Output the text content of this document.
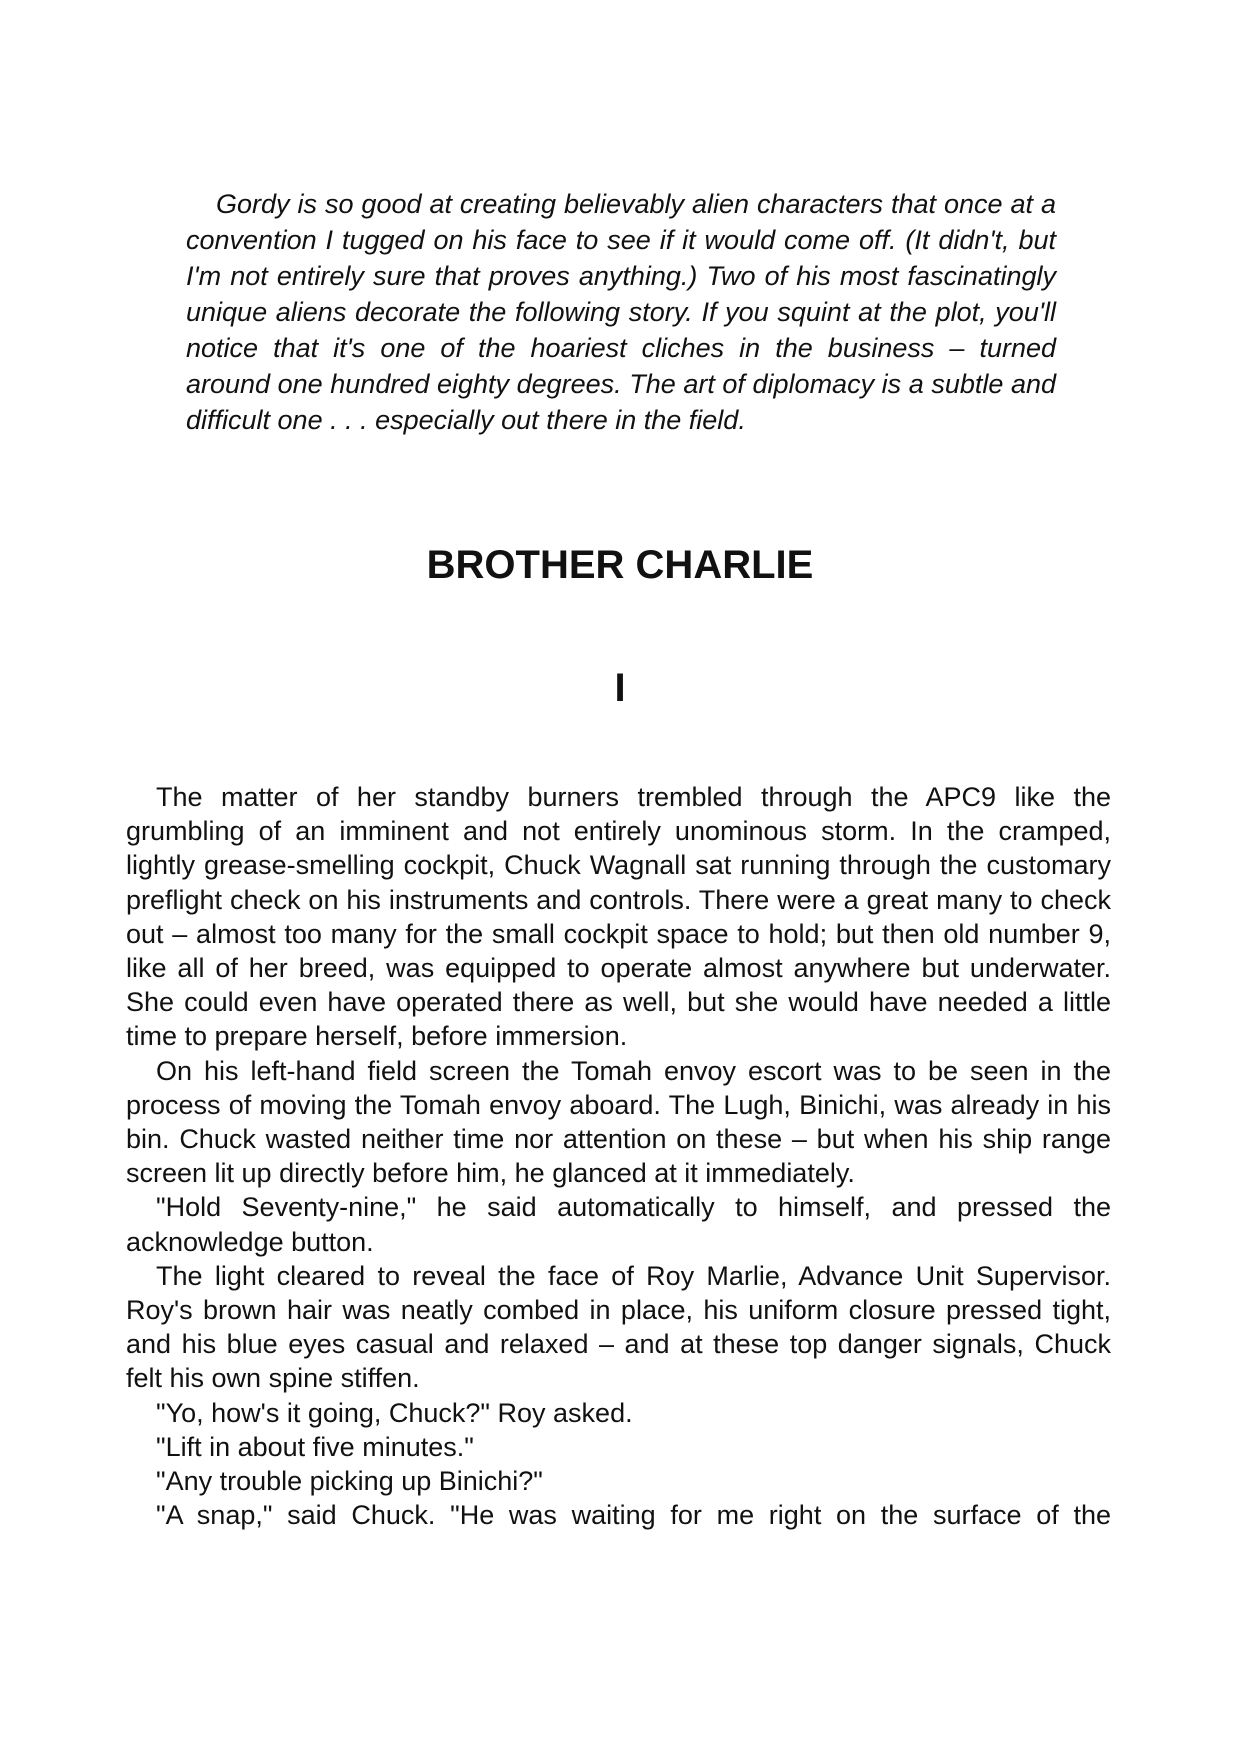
Gordy is so good at creating believably alien characters that once at a convention I tugged on his face to see if it would come off. (It didn't, but I'm not entirely sure that proves anything.) Two of his most fascinatingly unique aliens decorate the following story. If you squint at the plot, you'll notice that it's one of the hoariest cliches in the business – turned around one hundred eighty degrees. The art of diplomacy is a subtle and difficult one . . . especially out there in the field.

BROTHER CHARLIE
I

The matter of her standby burners trembled through the APC9 like the grumbling of an imminent and not entirely unominous storm. In the cramped, lightly grease-smelling cockpit, Chuck Wagnall sat running through the customary preflight check on his instruments and controls. There were a great many to check out – almost too many for the small cockpit space to hold; but then old number 9, like all of her breed, was equipped to operate almost anywhere but underwater. She could even have operated there as well, but she would have needed a little time to prepare herself, before immersion.

On his left-hand field screen the Tomah envoy escort was to be seen in the process of moving the Tomah envoy aboard. The Lugh, Binichi, was already in his bin. Chuck wasted neither time nor attention on these – but when his ship range screen lit up directly before him, he glanced at it immediately.

"Hold Seventy-nine," he said automatically to himself, and pressed the acknowledge button.

The light cleared to reveal the face of Roy Marlie, Advance Unit Supervisor. Roy's brown hair was neatly combed in place, his uniform closure pressed tight, and his blue eyes casual and relaxed – and at these top danger signals, Chuck felt his own spine stiffen.

"Yo, how's it going, Chuck?" Roy asked.

"Lift in about five minutes."

"Any trouble picking up Binichi?"

"A snap," said Chuck. "He was waiting for me right on the surface of the
